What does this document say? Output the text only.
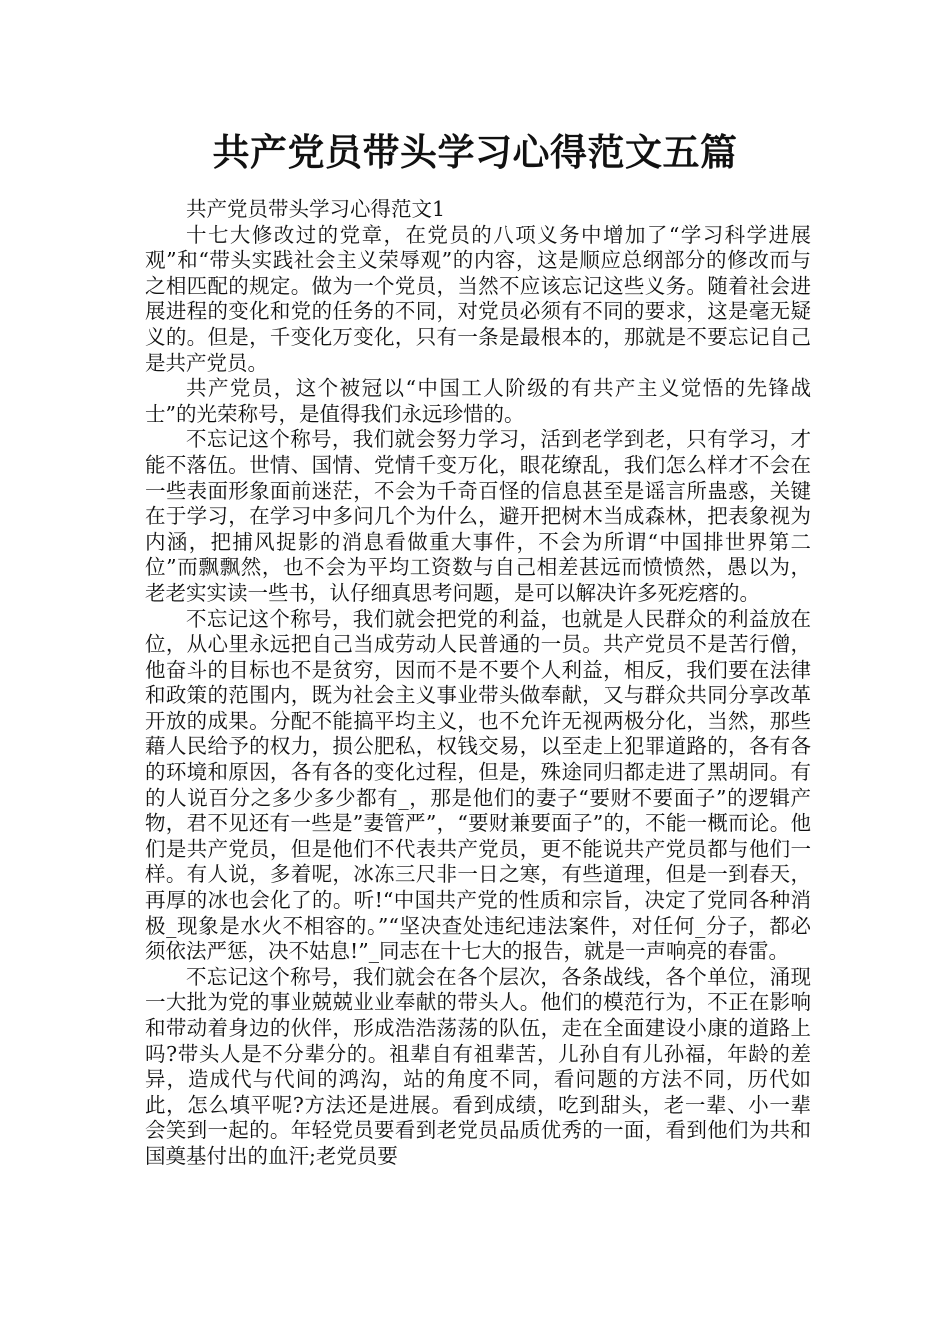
共产党员带头学习心得范文五篇

共产党员带头学习心得范文1

十七大修改过的党章，在党员的八项义务中增加了“学习科学进展观”和“带头实践社会主义荣辱观”的内容，这是顺应总纲部分的修改而与之相匹配的规定。做为一个党员，当然不应该忘记这些义务。随着社会进展进程的变化和党的任务的不同，对党员必须有不同的要求，这是毫无疑义的。但是，千变化万变化，只有一条是最根本的，那就是不要忘记自己是共产党员。

共产党员，这个被冠以“中国工人阶级的有共产主义觉悟的先锋战士”的光荣称号，是值得我们永远珍惜的。

不忘记这个称号，我们就会努力学习，活到老学到老，只有学习，才能不落伍。世情、国情、党情千变万化，眼花缭乱，我们怎么样才不会在一些表面形象面前迷茫，不会为千奇百怪的信息甚至是谣言所蛊惑，关键在于学习，在学习中多问几个为什么，避开把树木当成森林，把表象视为内涵，把捕风捉影的消息看做重大事件，不会为所谓“中国排世界第二位”而飘飘然，也不会为平均工资数与自己相差甚远而愤愤然，愚以为，老老实实读一些书，认仔细真思考问题，是可以解决许多死疙瘩的。

不忘记这个称号，我们就会把党的利益，也就是人民群众的利益放在位，从心里永远把自己当成劳动人民普通的一员。共产党员不是苦行僧，他奋斗的目标也不是贫穷，因而不是不要个人利益，相反，我们要在法律和政策的范围内，既为社会主义事业带头做奉献，又与群众共同分享改革开放的成果。分配不能搞平均主义，也不允许无视两极分化，当然，那些藉人民给予的权力，损公肥私，权钱交易，以至走上犯罪道路的，各有各的环境和原因，各有各的变化过程，但是，殊途同归都走进了黑胡同。有的人说百分之多少多少都有_，那是他们的妻子“要财不要面子”的逻辑产物，君不见还有一些是”妻管严”，“要财兼要面子”的，不能一概而论。他们是共产党员，但是他们不代表共产党员，更不能说共产党员都与他们一样。有人说，多着呢，冰冻三尺非一日之寒，有些道理，但是一到春天，再厚的冰也会化了的。听!“中国共产党的性质和宗旨，决定了党同各种消极_现象是水火不相容的。”“坚决查处违纪违法案件，对任何_分子，都必须依法严惩，决不姑息!”_同志在十七大的报告，就是一声响亮的春雷。

不忘记这个称号，我们就会在各个层次，各条战线，各个单位，涌现一大批为党的事业兢兢业业奉献的带头人。他们的模范行为，不正在影响和带动着身边的伙伴，形成浩浩荡荡的队伍，走在全面建设小康的道路上吗?带头人是不分辈分的。祖辈自有祖辈苦，儿孙自有儿孙福，年龄的差异，造成代与代间的鸿沟，站的角度不同，看问题的方法不同，历代如此，怎么填平呢?方法还是进展。看到成绩，吃到甜头，老一辈、小一辈会笑到一起的。年轻党员要看到老党员品质优秀的一面，看到他们为共和国奠基付出的血汗;老党员要
